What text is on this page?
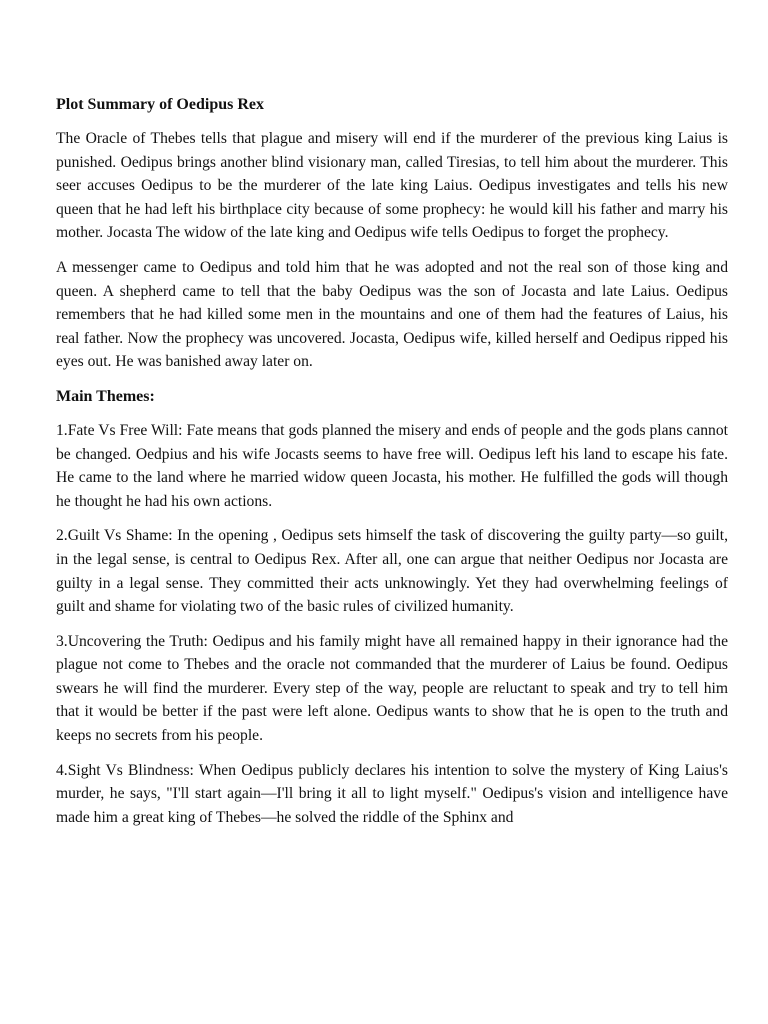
Plot Summary of Oedipus Rex

The Oracle of Thebes tells that plague and misery will end if the murderer of the previous king Laius is punished. Oedipus brings another blind visionary man, called Tiresias, to tell him about the murderer. This seer accuses Oedipus to be the murderer of the late king Laius. Oedipus investigates and tells his new queen that he had left his birthplace city because of some prophecy: he would kill his father and marry his mother. Jocasta The widow of the late king and Oedipus wife tells Oedipus to forget the prophecy.

A messenger came to Oedipus and told him that he was adopted and not the real son of those king and queen. A shepherd came to tell that the baby Oedipus was the son of Jocasta and late Laius. Oedipus remembers that he had killed some men in the mountains and one of them had the features of Laius, his real father. Now the prophecy was uncovered. Jocasta, Oedipus wife, killed herself and Oedipus ripped his eyes out. He was banished away later on.

Main Themes:

1.Fate Vs Free Will: Fate means that gods planned the misery and ends of people and the gods plans cannot be changed. Oedpius and his wife Jocasts seems to have free will. Oedipus left his land to escape his fate. He came to the land where he married widow queen Jocasta, his mother. He fulfilled the gods will though he thought he had his own actions.

2.Guilt Vs Shame: In the opening , Oedipus sets himself the task of discovering the guilty party—so guilt, in the legal sense, is central to Oedipus Rex. After all, one can argue that neither Oedipus nor Jocasta are guilty in a legal sense. They committed their acts unknowingly. Yet they had overwhelming feelings of guilt and shame for violating two of the basic rules of civilized humanity.

3.Uncovering the Truth: Oedipus and his family might have all remained happy in their ignorance had the plague not come to Thebes and the oracle not commanded that the murderer of Laius be found. Oedipus swears he will find the murderer. Every step of the way, people are reluctant to speak and try to tell him that it would be better if the past were left alone. Oedipus wants to show that he is open to the truth and keeps no secrets from his people.

4.Sight Vs Blindness: When Oedipus publicly declares his intention to solve the mystery of King Laius's murder, he says, "I'll start again—I'll bring it all to light myself." Oedipus's vision and intelligence have made him a great king of Thebes—he solved the riddle of the Sphinx and
